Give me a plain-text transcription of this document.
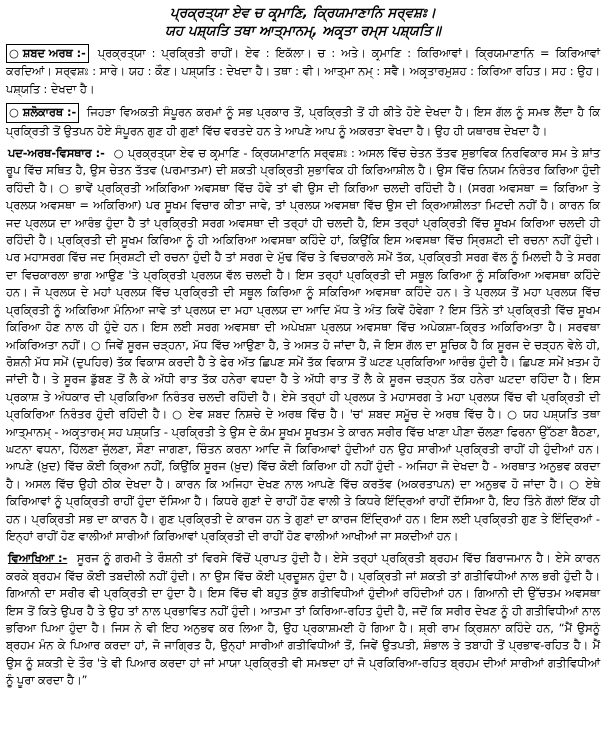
ਪ੍ਰਕ੍ਰਤ੍ਯਾ ਏਵ ਚ ਕਰ੍ਮਾਣਿ, ਕ੍ਰਿਯਮਾਣਾਨਿ ਸਰ੍ਵਸ਼ਃ।

ਯਹ ਪਸ਼੍ਯਤਿ ਤਥਾ ਆਤ੍ਮਾਨਮ੍, ਅਕਰ੍ਤਾ ਰਮ੍ਸ ਪਸ਼੍ਯਤਿ॥

○ ਸ਼ਬਦ ਅਰਥ :- ਪ੍ਰਕ੍ਰਤ੍ਯਾ : ਪ੍ਰਕ੍ਰਿਤੀ ਰਾਹੀਂ। ਏਵ : ਇਕੱਲਾ। ਚ : ਅਤੇ। ਕਰ੍ਮਾਣਿ : ਕਿਰਿਆਵਾਂ। ਕ੍ਰਿਯਮਾਣਾਨਿ = ਕਿਰਿਆਵਾਂ ਕਰਦਿਆਂ। ਸਰ੍ਵਸ਼ਃ : ਸਾਰੇ। ਯਹ : ਕੌਣ। ਪਸ਼੍ਯਤਿ : ਦੇਖਦਾ ਹੈ। ਤਥਾ : ਵੀ। ਆਤ੍ਮਾ ਨਮ੍ : ਸਵੈ। ਅਕਰ੍ਤਾਰਮੁਸ਼ਹ : ਕਿਰਿਆ ਰਹਿਤ। ਸਹ : ਉਹ। ਪਸ਼੍ਯਤਿ : ਦੇਖਦਾ ਹੈ।

○ ਸ਼ਲੋਕਾਰਥ :- ਜਿਹੜਾ ਵਿਅਕਤੀ ਸੰਪੂਰਨ ਕਰਮਾਂ ਨੂੰ ਸਭ ਪ੍ਰਕਾਰ ਤੋਂ, ਪ੍ਰਕ੍ਰਿਤੀ ਤੋਂ ਹੀ ਕੀਤੇ ਹੋਏ ਦੇਖਦਾ ਹੈ। ਇਸ ਗੱਲ ਨੂੰ ਸਮਝ ਲੈਂਦਾ ਹੈ ਕਿ ਪ੍ਰਕ੍ਰਿਤੀ ਤੋਂ ਉਤਪਨ ਹੋਏ ਸੰਪੂਰਨ ਗੁਣ ਹੀ ਗੁਣਾਂ ਵਿੱਚ ਵਰਤਦੇ ਹਨ ਤੇ ਆਪਣੇ ਆਪ ਨੂੰ ਅਕਰਤਾ ਵੇਖਦਾ ਹੈ। ਉਹ ਹੀ ਯਥਾਰਥ ਦੇਖਦਾ ਹੈ।

ਪਦ-ਅਰਥ-ਵਿਸਥਾਰ :- ○ ਪ੍ਰਕ੍ਰਤ੍ਯਾ ਏਵ ਚ ਕਰ੍ਮਾਣਿ - ਕ੍ਰਿਯਮਾਣਾਨਿ ਸਰ੍ਵਸ਼ਃ : ਅਸਲ ਵਿੱਚ ਚੇਤਨ ਤੱਤਵ ਸੁਭਾਵਿਕ ਨਿਰਵਿਕਾਰ ਸਮ ਤੇ ਸ਼ਾਂਤ ਰੂਪ ਵਿੱਚ ਸਥਿਤ ਹੈ, ਉਸ ਚੇਤਨ ਤੱਤਵ (ਪਰਮਾਤਮਾ) ਦੀ ਸ਼ਕਤੀ ਪ੍ਰਕ੍ਰਿਤੀ ਸੁਭਾਵਿਕ ਹੀ ਕਿਰਿਆਸ਼ੀਲ ਹੈ। ਉਸ ਵਿੱਚ ਨਿਯਮ ਨਿਰੰਤਰ ਕਿਰਿਆ ਹੁੰਦੀ ਰਹਿੰਦੀ ਹੈ। ○ ਭਾਵੇਂ ਪ੍ਰਕ੍ਰਿਤੀ ਅਕਿਰਿਆ ਅਵਸਥਾ ਵਿੱਚ ਹੋਵੇ ਤਾਂ ਵੀ ਉਸ ਦੀ ਕਿਰਿਆ ਚਲਦੀ ਰਹਿੰਦੀ ਹੈ। (ਸਰਗ ਅਵਸਥਾ = ਕਿਰਿਆ ਤੇ ਪ੍ਰਲਯ ਅਵਸਥਾ = ਅਕਿਰਿਆ) ਪਰ ਸੂਖਮ ਵਿਚਾਰ ਕੀਤਾ ਜਾਵੇ, ਤਾਂ ਪ੍ਰਲਯ ਅਵਸਥਾ ਵਿੱਚ ਉਸ ਦੀ ਕ੍ਰਿਆਸ਼ੀਲਤਾ ਮਿਟਦੀ ਨਹੀਂ ਹੈ। ਕਾਰਨ ਕਿ ਜਦ ਪ੍ਰਲਯ ਦਾ ਆਰੰਭ ਹੁੰਦਾ ਹੈ ਤਾਂ ਪ੍ਰਕ੍ਰਿਤੀ ਸਰਗ ਅਵਸਥਾ ਦੀ ਤਰ੍ਹਾਂ ਹੀ ਚਲਦੀ ਹੈ, ਇਸ ਤਰ੍ਹਾਂ ਪ੍ਰਕ੍ਰਿਤੀ ਵਿੱਚ ਸੂਖਮ ਕਿਰਿਆ ਚਲਦੀ ਹੀ ਰਹਿੰਦੀ ਹੈ। ਪ੍ਰਕ੍ਰਿਤੀ ਦੀ ਸੂਖਮ ਕਿਰਿਆ ਨੂੰ ਹੀ ਅਕਿਰਿਆ ਅਵਸਥਾ ਕਹਿੰਦੇ ਹਾਂ, ਕਿਉਂਕਿ ਇਸ ਅਵਸਥਾ ਵਿੱਚ ਸ੍ਰਿਸ਼ਟੀ ਦੀ ਰਚਨਾ ਨਹੀਂ ਹੁੰਦੀ। ਪਰ ਮਹਾਸਰਗ ਵਿੱਚ ਜਦ ਸ੍ਰਿਸ਼ਟੀ ਦੀ ਰਚਨਾ ਹੁੰਦੀ ਹੈ ਤਾਂ ਸਰਗ ਦੇ ਮੁੱਢ ਵਿੱਚ ਤੇ ਵਿਚਕਾਰਲੇ ਸਮੇਂ ਤੱਕ, ਪ੍ਰਕ੍ਰਿਤੀ ਸਰਗ ਵੱਲ ਨੂੰ ਮਿਲਦੀ ਹੈ ਤੇ ਸਰਗ ਦਾ ਵਿਚਕਾਰਲਾ ਭਾਗ ਆਉਣ 'ਤੇ ਪ੍ਰਕ੍ਰਿਤੀ ਪ੍ਰਲਯ ਵੱਲ ਚਲਦੀ ਹੈ। ਇਸ ਤਰ੍ਹਾਂ ਪ੍ਰਕ੍ਰਿਤੀ ਦੀ ਸਥੂਲ ਕਿਰਿਆ ਨੂੰ ਸਕਿਰਿਆ ਅਵਸਥਾ ਕਹਿੰਦੇ ਹਨ। ਜੋ ਪ੍ਰਲਯ ਦੇ ਮਹਾਂ ਪ੍ਰਲਯ ਵਿੱਚ ਪ੍ਰਕ੍ਰਿਤੀ ਦੀ ਸਥੂਲ ਕਿਰਿਆ ਨੂੰ ਸਕਿਰਿਆ ਅਵਸਥਾ ਕਹਿੰਦੇ ਹਨ। ਤੇ ਪ੍ਰਲਯ ਤੋਂ ਮਹਾ ਪ੍ਰਲਯ ਵਿੱਚ ਪ੍ਰਕ੍ਰਿਤੀ ਨੂੰ ਅਕਿਰਿਆ ਮੰਨਿਆ ਜਾਵੇ ਤਾਂ ਪ੍ਰਲਯ ਦਾ ਮਹਾ ਪ੍ਰਲਯ ਦਾ ਆਦਿ ਮੱਧ ਤੇ ਅੰਤ ਕਿਵੇਂ ਹੋਵੇਗਾ ? ਇਸ ਤਿੰਨੇ ਤਾਂ ਪ੍ਰਕ੍ਰਿਤੀ ਵਿੱਚ ਸੂਖਮ ਕਿਰਿਆ ਹੋਣ ਨਾਲ ਹੀ ਹੁੰਦੇ ਹਨ। ਇਸ ਲਈ ਸਰਗ ਅਵਸਥਾ ਦੀ ਅਪੇਖਸ਼ਾ ਪ੍ਰਲਯ ਅਵਸਥਾ ਵਿੱਚ ਅਪੇਕਸ਼ਾ-ਕ੍ਰਿਤ ਅਕਿਰਿਅਤਾ ਹੈ। ਸਰਵਥਾ ਅਕਿਰਿਅਤਾ ਨਹੀਂ। ○ ਜਿਵੇਂ ਸੂਰਜ ਚੜ੍ਹਨਾ, ਮੱਧ ਵਿੱਚ ਆਉਣਾ ਹੈ, ਤੇ ਅਸਤ ਹੋ ਜਾਂਦਾ ਹੈ, ਜੋ ਇਸ ਗੱਲ ਦਾ ਸੂਚਿਕ ਹੈ ਕਿ ਸੂਰਜ ਦੇ ਚੜ੍ਹਨ ਵੇਲੇ ਹੀ, ਰੋਸ਼ਨੀ ਮੱਧ ਸਮੇਂ (ਦੁਪਹਿਰ) ਤੱਕ ਵਿਕਾਸ ਕਰਦੀ ਹੈ ਤੇ ਫੇਰ ਅੱਤ ਛਿਪਣ ਸਮੇਂ ਤੱਕ ਵਿਕਾਸ ਤੋਂ ਘਟਣ ਪ੍ਰਕਿਰਿਆ ਆਰੰਭ ਹੁੰਦੀ ਹੈ। ਛਿਪਣ ਸਮੇਂ ਖ਼ਤਮ ਹੋ ਜਾਂਦੀ ਹੈ। ਤੇ ਸੂਰਜ ਡੁੱਬਣ ਤੋਂ ਲੈ ਕੇ ਅੱਧੀ ਰਾਤ ਤੱਕ ਹਨੇਰਾ ਵਧਦਾ ਹੈ ਤੇ ਅੱਧੀ ਰਾਤ ਤੋਂ ਲੈ ਕੇ ਸੂਰਜ ਚੜ੍ਹਨ ਤੱਕ ਹਨੇਰਾ ਘਟਦਾ ਰਹਿੰਦਾ ਹੈ। ਇਸ ਪ੍ਰਕਾਸ਼ ਤੇ ਅੰਧਕਾਰ ਦੀ ਪ੍ਰਕਿਰਿਆ ਨਿਰੰਤਰ ਚਲਦੀ ਰਹਿੰਦੀ ਹੈ। ਏਸੇ ਤਰ੍ਹਾਂ ਹੀ ਪ੍ਰਲਯ ਤੇ ਮਹਾਸਰਗ ਤੇ ਮਹਾ ਪ੍ਰਲਯ ਵਿੱਚ ਵੀ ਪ੍ਰਕ੍ਰਿਤੀ ਦੀ ਪ੍ਰਕਿਰਿਆ ਨਿਰੰਤਰ ਹੁੰਦੀ ਰਹਿੰਦੀ ਹੈ। ○ ਏਵ ਸ਼ਬਦ ਨਿਸ਼ਚੇ ਦੇ ਅਰਥ ਵਿੱਚ ਹੈ। 'ਚ' ਸ਼ਬਦ ਸਮੂੱਚ ਦੇ ਅਰਥ ਵਿੱਚ ਹੈ। ○ ਯਹ ਪਸ਼੍ਯਤਿ ਤਥਾ ਆਤ੍ਮਾਨਮ੍ - ਅਕਰ੍ਤਾਰਮ੍ ਸਹ ਪਸ਼੍ਯਤਿ - ਪ੍ਰਕ੍ਰਿਤੀ ਤੇ ਉਸ ਦੇ ਕੰਮ ਸੂਖਮ ਸੂਖਤਮ ਤੇ ਕਾਰਨ ਸਰੀਰ ਵਿੱਚ ਖਾਣਾ ਪੀਣਾ ਚੱਲਣਾ ਫਿਰਨਾ ਉੱਠਣਾ ਬੈਠਣਾ, ਘਟਨਾ ਵਧਨਾ, ਹਿੱਲਣਾ ਜੁੱਲਣਾ, ਸੌਣਾ ਜਾਗਣਾ, ਚਿੰਤਨ ਕਰਨਾ ਆਦਿ ਜੋ ਕਿਰਿਆਵਾਂ ਹੁੰਦੀਆਂ ਹਨ ਉਹ ਸਾਰੀਆਂ ਪ੍ਰਕ੍ਰਿਤੀ ਰਾਹੀਂ ਹੀ ਹੁੰਦੀਆਂ ਹਨ। ਆਪਣੇ (ਖ਼ੁਦ) ਵਿੱਚ ਕੋਈ ਕ੍ਰਿਆ ਨਹੀਂ, ਕਿਉਂਕਿ ਸੂਰਜ (ਖ਼ੁਦ) ਵਿੱਚ ਕੋਈ ਕਿਰਿਆ ਹੀ ਨਹੀਂ ਹੁੰਦੀ - ਅਜਿਹਾ ਜੋ ਦੇਖਦਾ ਹੈ - ਅਰਥਾਤ ਅਨੁਭਵ ਕਰਦਾ ਹੈ। ਅਸਲ ਵਿੱਚ ਉਹੀ ਠੀਕ ਦੇਖਦਾ ਹੈ। ਕਾਰਨ ਕਿ ਅਜਿਹਾ ਦੇਖਣ ਨਾਲ ਆਪਣੇ ਵਿੱਚ ਕਰਤੱਵ (ਅਕਰਤਾਪਨ) ਦਾ ਅਨੁਭਵ ਹੋ ਜਾਂਦਾ ਹੈ। ○ ਏਥੇ ਕਿਰਿਆਵਾਂ ਨੂੰ ਪ੍ਰਕ੍ਰਿਤੀ ਰਾਹੀਂ ਹੁੰਦਾ ਦੱਸਿਆ ਹੈ। ਕਿਧਰੇ ਗੁਣਾਂ ਦੇ ਰਾਹੀਂ ਹੋਣ ਵਾਲੀ ਤੇ ਕਿਧਰੇ ਇੰਦ੍ਰਿਆਂ ਰਾਹੀਂ ਦੱਸਿਆ ਹੈ, ਇਹ ਤਿੰਨੇ ਗੱਲਾਂ ਇੱਕ ਹੀ ਹਨ। ਪ੍ਰਕ੍ਰਿਤੀ ਸਭ ਦਾ ਕਾਰਨ ਹੈ। ਗੁਣ ਪ੍ਰਕ੍ਰਿਤੀ ਦੇ ਕਾਰਜ ਹਨ ਤੇ ਗੁਣਾਂ ਦਾ ਕਾਰਜ ਇੰਦ੍ਰਿਆਂ ਹਨ। ਇਸ ਲਈ ਪ੍ਰਕ੍ਰਿਤੀ ਗੁਣ ਤੇ ਇੰਦ੍ਰਿਆਂ - ਇਨ੍ਹਾਂ ਰਾਹੀਂ ਹੋਣ ਵਾਲੀਆਂ ਸਾਰੀਆਂ ਕਿਰਿਆਵਾਂ ਪ੍ਰਕ੍ਰਿਤੀ ਦੀ ਰਾਹੀਂ ਹੋਣ ਵਾਲੀਆਂ ਆਖੀਆਂ ਜਾ ਸਕਦੀਆਂ ਹਨ।

ਵਿਆਖਿਆ :- ਸੂਰਜ ਨੂੰ ਗਰਮੀ ਤੇ ਰੌਸ਼ਨੀ ਤਾਂ ਵਿਰਸੇ ਵਿੱਚੋਂ ਪ੍ਰਾਪਤ ਹੁੰਦੀ ਹੈ। ਏਸੇ ਤਰ੍ਹਾਂ ਪ੍ਰਕ੍ਰਿਤੀ ਬ੍ਰਹਮ ਵਿੱਚ ਬਿਰਾਜਮਾਨ ਹੈ। ਏਸੇ ਕਾਰਨ ਕਰਕੇ ਬ੍ਰਹਮ ਵਿੱਚ ਕੋਈ ਤਬਦੀਲੀ ਨਹੀਂ ਹੁੰਦੀ। ਨਾ ਉਸ ਵਿੱਚ ਕੋਈ ਪ੍ਰਦੂਸ਼ਨ ਹੁੰਦਾ ਹੈ। ਪ੍ਰਕ੍ਰਿਤੀ ਜਾਂ ਸ਼ਕਤੀ ਤਾਂ ਗਤੀਵਿਧੀਆਂ ਨਾਲ ਭਰੀ ਹੁੰਦੀ ਹੈ। ਗਿਆਨੀ ਦਾ ਸਰੀਰ ਵੀ ਪ੍ਰਕ੍ਰਿਤੀ ਦਾ ਹੁੰਦਾ ਹੈ। ਇਸ ਵਿੱਚ ਵੀ ਬਹੁਤ ਕੁੱਝ ਗਤੀਵਿਧੀਆਂ ਹੁੰਦੀਆਂ ਰਹਿੰਦੀਆਂ ਹਨ। ਗਿਆਨੀ ਦੀ ਉੱਚਤਮ ਅਵਸਥਾ ਇਸ ਤੋਂ ਕਿਤੇ ਉਪਰ ਹੈ ਤੇ ਉਹ ਤਾਂ ਨਾਲ ਪ੍ਰਭਾਵਿਤ ਨਹੀਂ ਹੁੰਦੀ। ਆਤਮਾ ਤਾਂ ਕਿਰਿਆ-ਰਹਿਤ ਹੁੰਦੀ ਹੈ, ਜਦੋਂ ਕਿ ਸਰੀਰ ਦੇਖਣ ਨੂੰ ਹੀ ਗਤੀਵਿਧੀਆਂ ਨਾਲ ਭਰਿਆ ਪਿਆ ਹੁੰਦਾ ਹੈ। ਜਿਸ ਨੇ ਵੀ ਇਹ ਅਨੁਭਵ ਕਰ ਲਿਆ ਹੈ, ਉਹ ਪ੍ਰਕਾਸ਼ਮਈ ਹੋ ਗਿਆ ਹੈ। ਸ਼੍ਰੀ ਰਾਮ ਕ੍ਰਿਸ਼ਨਾ ਕਹਿੰਦੇ ਹਨ, “ਮੈਂ ਉਸਨੂੰ ਬ੍ਰਹਮ ਮੰਨ ਕੇ ਪਿਆਰ ਕਰਦਾ ਹਾਂ, ਜੋ ਜਾਗ੍ਰਿਤ ਹੈ, ਉਨ੍ਹਾਂ ਸਾਰੀਆਂ ਗਤੀਵਿਧੀਆਂ ਤੋਂ, ਜਿਵੇਂ ਉਤਪਤੀ, ਸ਼ੰਭਾਲ ਤੇ ਤਬਾਹੀ ਤੋਂ ਪ੍ਰਭਾਵ-ਰਹਿਤ ਹੈ। ਮੈਂ ਉਸ ਨੂੰ ਸ਼ਕਤੀ ਦੇ ਤੌਰ 'ਤੇ ਵੀ ਪਿਆਰ ਕਰਦਾ ਹਾਂ ਜਾਂ ਮਾਯਾ ਪ੍ਰਕ੍ਰਿਤੀ ਵੀ ਸਮਝਦਾ ਹਾਂ ਜੋ ਪ੍ਰਕਿਰਿਆ-ਰਹਿਤ ਬ੍ਰਹਮ ਦੀਆਂ ਸਾਰੀਆਂ ਗਤੀਵਿਧੀਆਂ ਨੂੰ ਪੂਰਾ ਕਰਦਾ ਹੈ।”
